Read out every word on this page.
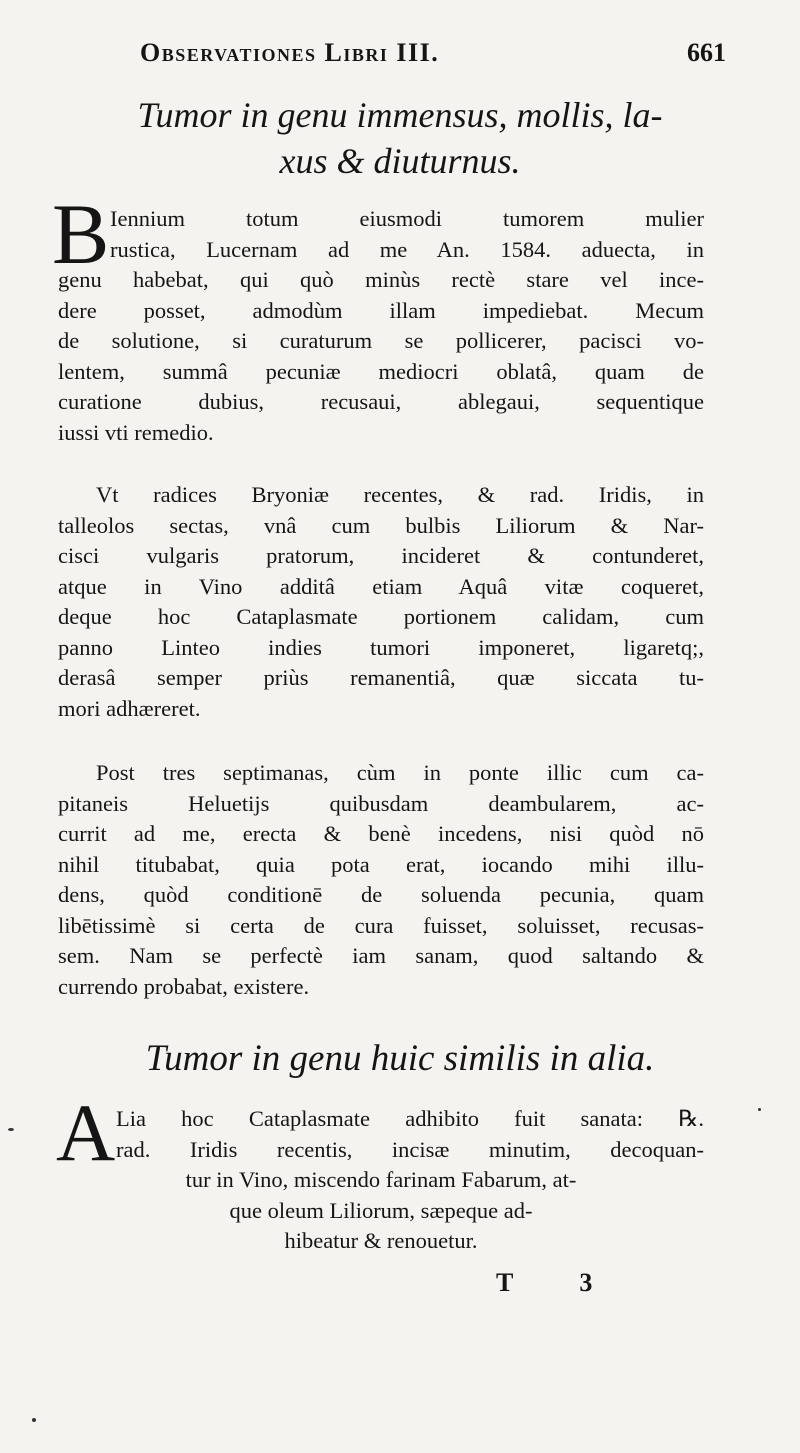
Observationes Libri III.	661
Tumor in genu immensus, mollis, la-
xus & diuturnus.
B Iennium totum eiusmodi tumorem mulier
rustica, Lucernam ad me An. 1584. aduecta, in
genu habebat, qui quò minùs rectè stare vel ince-
dere posset, admodùm illam impediebat. Mecum
de solutione, si curaturum se pollicerer, pacisci vo-
lentem, summâ pecuniæ mediocri oblatâ, quam de
curatione dubius, recusaui, ablegaui, sequentique
iussi vti remedio.
Vt radices Bryoniæ recentes, & rad. Iridis, in
talleolos sectas, vnâ cum bulbis Liliorum & Nar-
cisci vulgaris pratorum, incideret & contunderet,
atque in Vino additâ etiam Aquâ vitæ coqueret,
deque hoc Cataplasmate portionem calidam, cum
panno Linteo indies tumori imponeret, ligaretq;,
derasâ semper priùs remanentiâ, quæ siccata tu-
mori adhæreret.
Post tres septimanas, cùm in ponte illic cum ca-
pitaneis Heluetijs quibusdam deambularem, ac-
currit ad me, erecta & benè incedens, nisi quòd nō
nihil titubabat, quia pota erat, iocando mihi illu-
dens, quòd conditionē de soluenda pecunia, quam
libētissimè si certa de cura fuisset, soluisset, recusas-
sem. Nam se perfectè iam sanam, quod saltando &
currendo probabat, existere.
Tumor in genu huic similis in alia.
A Lia hoc Cataplasmate adhibito fuit sanata: ℞.
rad. Iridis recentis, incisæ minutim, decoquan-
tur in Vino, miscendo farinam Fabarum, at-
que oleum Liliorum, sæpeque ad-
hibeatur & renouetur.
T 3
